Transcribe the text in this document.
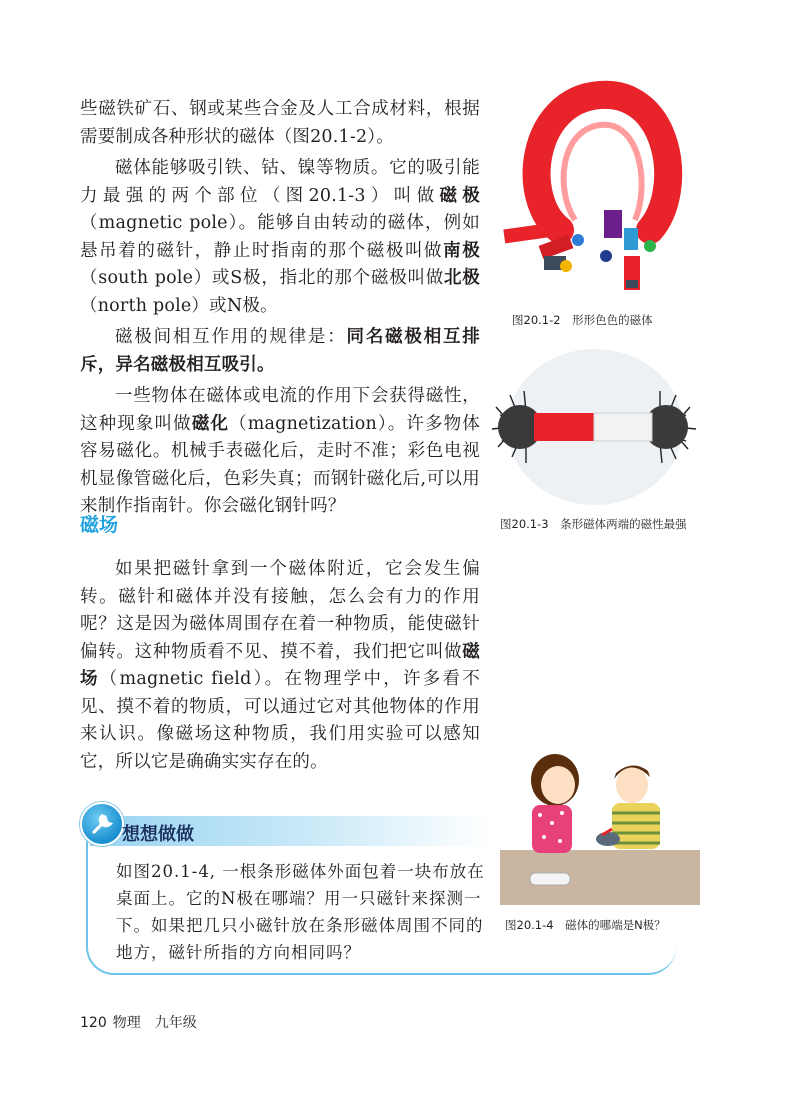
些磁铁矿石、钢或某些合金及人工合成材料，根据需要制成各种形状的磁体（图20.1-2）。

磁体能够吸引铁、钴、镍等物质。它的吸引能力最强的两个部位（图20.1-3）叫做磁极（magnetic pole）。能够自由转动的磁体，例如悬吊着的磁针，静止时指南的那个磁极叫做南极（south pole）或S极，指北的那个磁极叫做北极（north pole）或N极。

磁极间相互作用的规律是：同名磁极相互排斥，异名磁极相互吸引。

一些物体在磁体或电流的作用下会获得磁性，这种现象叫做磁化（magnetization）。许多物体容易磁化。机械手表磁化后，走时不准；彩色电视机显像管磁化后，色彩失真；而钢针磁化后,可以用来制作指南针。你会磁化钢针吗？

磁场

如果把磁针拿到一个磁体附近，它会发生偏转。磁针和磁体并没有接触，怎么会有力的作用呢？这是因为磁体周围存在着一种物质，能使磁针偏转。这种物质看不见、摸不着，我们把它叫做磁场（magnetic field）。在物理学中，许多看不见、摸不着的物质，可以通过它对其他物体的作用来认识。像磁场这种物质，我们用实验可以感知它，所以它是确确实实存在的。

想想做做
如图20.1-4, 一根条形磁体外面包着一块布放在桌面上。它的N极在哪端？用一只磁针来探测一下。如果把几只小磁针放在条形磁体周围不同的地方，磁针所指的方向相同吗？
图20.1-2　形形色色的磁体
图20.1-3　条形磁体两端的磁性最强
图20.1-4　磁体的哪端是N极？
120 物理　九年级
